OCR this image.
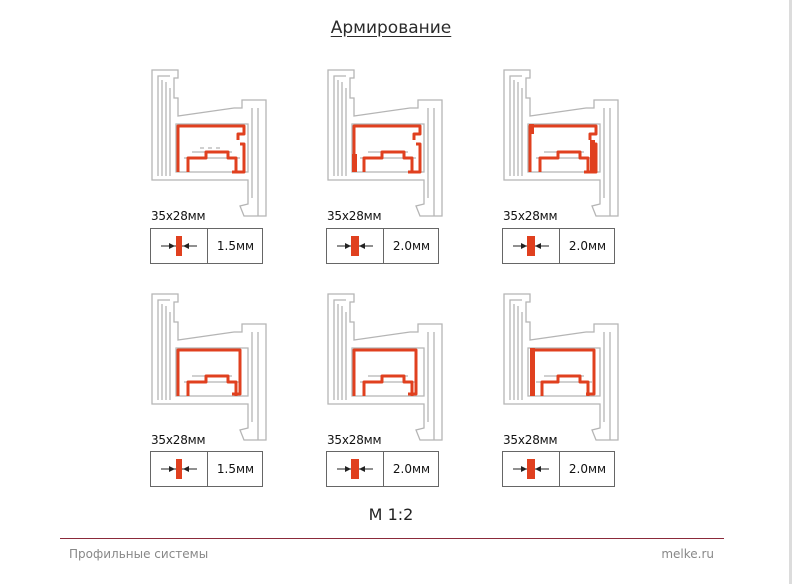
Армирование
35x28мм
1.5мм
35x28мм
2.0мм
35x28мм
2.0мм
35x28мм
1.5мм
35x28мм
2.0мм
35x28мм
2.0мм
М 1:2
Профильные системы	melke.ru
